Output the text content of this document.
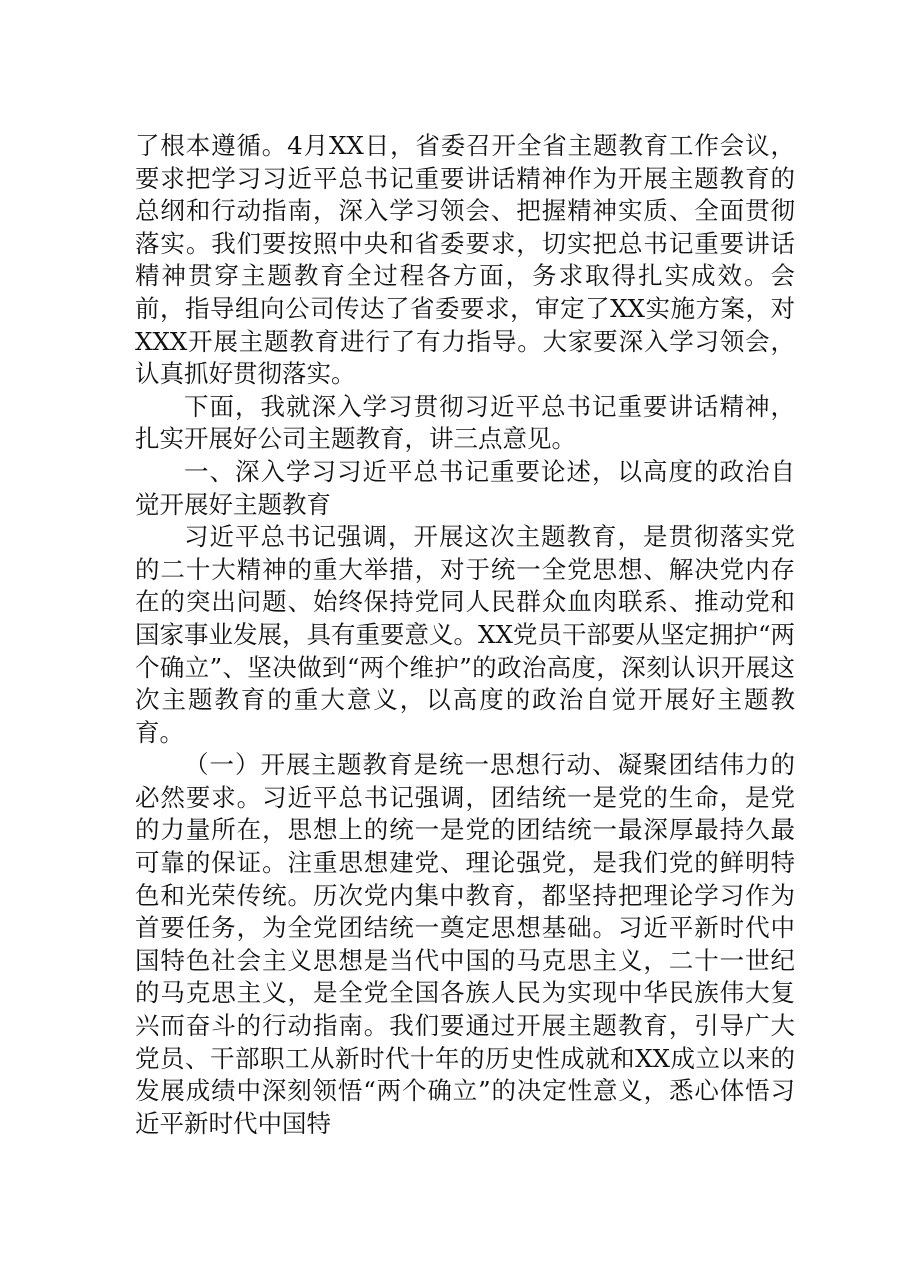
了根本遵循。4月XX日，省委召开全省主题教育工作会议，要求把学习习近平总书记重要讲话精神作为开展主题教育的总纲和行动指南，深入学习领会、把握精神实质、全面贯彻落实。我们要按照中央和省委要求，切实把总书记重要讲话精神贯穿主题教育全过程各方面，务求取得扎实成效。会前，指导组向公司传达了省委要求，审定了XX实施方案，对XXX开展主题教育进行了有力指导。大家要深入学习领会，认真抓好贯彻落实。

下面，我就深入学习贯彻习近平总书记重要讲话精神，扎实开展好公司主题教育，讲三点意见。

一、深入学习习近平总书记重要论述，以高度的政治自觉开展好主题教育

习近平总书记强调，开展这次主题教育，是贯彻落实党的二十大精神的重大举措，对于统一全党思想、解决党内存在的突出问题、始终保持党同人民群众血肉联系、推动党和国家事业发展，具有重要意义。XX党员干部要从坚定拥护“两个确立”、坚决做到“两个维护”的政治高度，深刻认识开展这次主题教育的重大意义，以高度的政治自觉开展好主题教育。

（一）开展主题教育是统一思想行动、凝聚团结伟力的必然要求。习近平总书记强调，团结统一是党的生命，是党的力量所在，思想上的统一是党的团结统一最深厚最持久最可靠的保证。注重思想建党、理论强党，是我们党的鲜明特色和光荣传统。历次党内集中教育，都坚持把理论学习作为首要任务，为全党团结统一奠定思想基础。习近平新时代中国特色社会主义思想是当代中国的马克思主义，二十一世纪的马克思主义，是全党全国各族人民为实现中华民族伟大复兴而奋斗的行动指南。我们要通过开展主题教育，引导广大党员、干部职工从新时代十年的历史性成就和XX成立以来的发展成绩中深刻领悟“两个确立”的决定性意义，悉心体悟习近平新时代中国特
